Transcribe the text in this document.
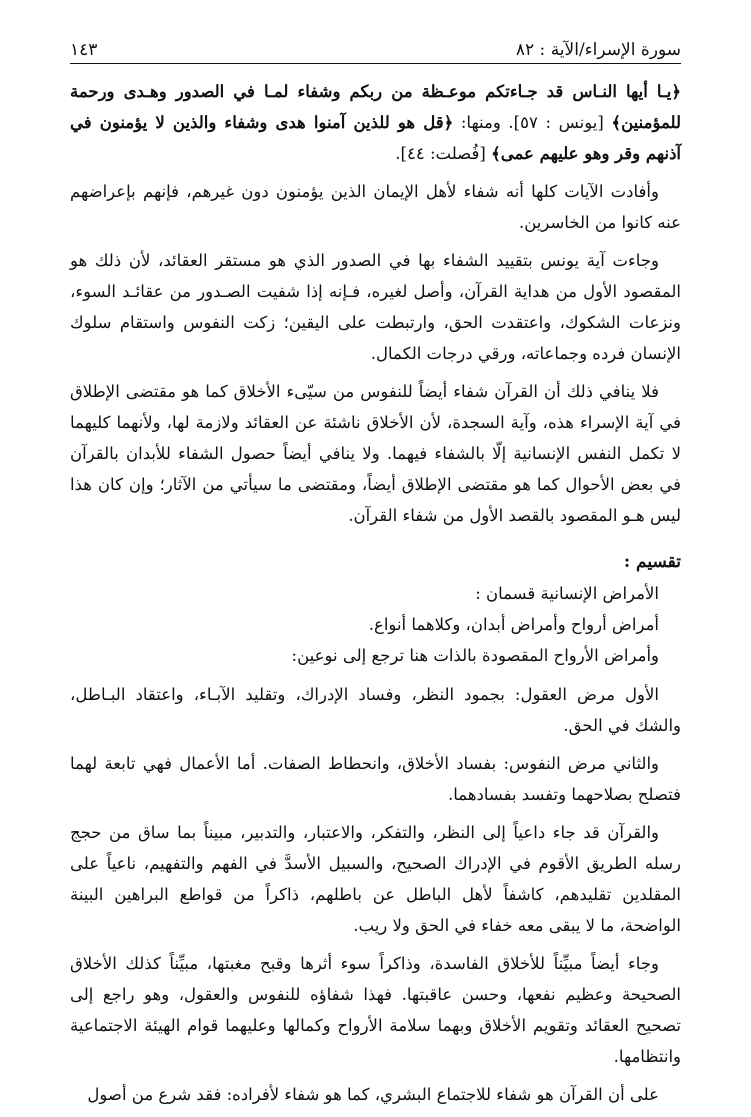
سورة الإسراء/الآية : ٨٢
١٤٣

﴿يـا أيها النـاس قد جـاءتكم موعـظة من ربكم وشفاء لمـا في الصدور وهـدى ورحمة للمؤمنين﴾ [يونس : ٥٧]. ومنها: ﴿قل هو للذين آمنوا هدى وشفاء والذين لا يؤمنون في آذنهم وقر وهو عليهم عمى﴾ [فُصلت: ٤٤].

وأفادت الآيات كلها أنه شفاء لأهل الإيمان الذين يؤمنون دون غيرهم، فإنهم بإعراضهم عنه كانوا من الخاسرين.

وجاءت آية يونس بتقييد الشفاء بها في الصدور الذي هو مستقر العقائد، لأن ذلك هو المقصود الأول من هداية القرآن، وأصل لغيره، فـإنه إذا شفيت الصـدور من عقائـد السوء، ونزعات الشكوك، واعتقدت الحق، وارتبطت على اليقين؛ زكت النفوس واستقام سلوك الإنسان فرده وجماعاته، ورقي درجات الكمال.

فلا ينافي ذلك أن القرآن شفاء أيضاً للنفوس من سيّىء الأخلاق كما هو مقتضى الإطلاق في آية الإسراء هذه، وآية السجدة، لأن الأخلاق ناشئة عن العقائد ولازمة لها، ولأنهما كليهما لا تكمل النفس الإنسانية إلّا بالشفاء فيهما. ولا ينافي أيضاً حصول الشفاء للأبدان بالقرآن في بعض الأحوال كما هو مقتضى الإطلاق أيضاً، ومقتضى ما سيأتي من الآثار؛ وإن كان هذا ليس هـو المقصود بالقصد الأول من شفاء القرآن.

تقسيم :

الأمراض الإنسانية قسمان :

أمراض أرواح وأمراض أبدان، وكلاهما أنواع.

وأمراض الأرواح المقصودة بالذات هنا ترجع إلى نوعين:

الأول مرض العقول: بجمود النظر، وفساد الإدراك، وتقليد الآبـاء، واعتقاد البـاطل، والشك في الحق.

والثاني مرض النفوس: بفساد الأخلاق، وانحطاط الصفات. أما الأعمال فهي تابعة لهما فتصلح بصلاحهما وتفسد بفسادهما.

والقرآن قد جاء داعياً إلى النظر، والتفكر، والاعتبار، والتدبير، مبيناً بما ساق من حجج رسله الطريق الأقوم في الإدراك الصحيح، والسبيل الأسدَّ في الفهم والتفهيم، ناعياً على المقلدين تقليدهم، كاشفاً لأهل الباطل عن باطلهم، ذاكراً من قواطع البراهين البينة الواضحة، ما لا يبقى معه خفاء في الحق ولا ريب.

وجاء أيضاً مبيِّناً للأخلاق الفاسدة، وذاكراً سوء أثرها وقبح مغبتها، مبيِّناً كذلك الأخلاق الصحيحة وعظيم نفعها، وحسن عاقبتها. فهذا شفاؤه للنفوس والعقول، وهو راجع إلى تصحيح العقائد وتقويم الأخلاق وبهما سلامة الأرواح وكمالها وعليهما قوام الهيئة الاجتماعية وانتظامها.

على أن القرآن هو شفاء للاجتماع البشري، كما هو شفاء لأفراده: فقد شرع من أصول
